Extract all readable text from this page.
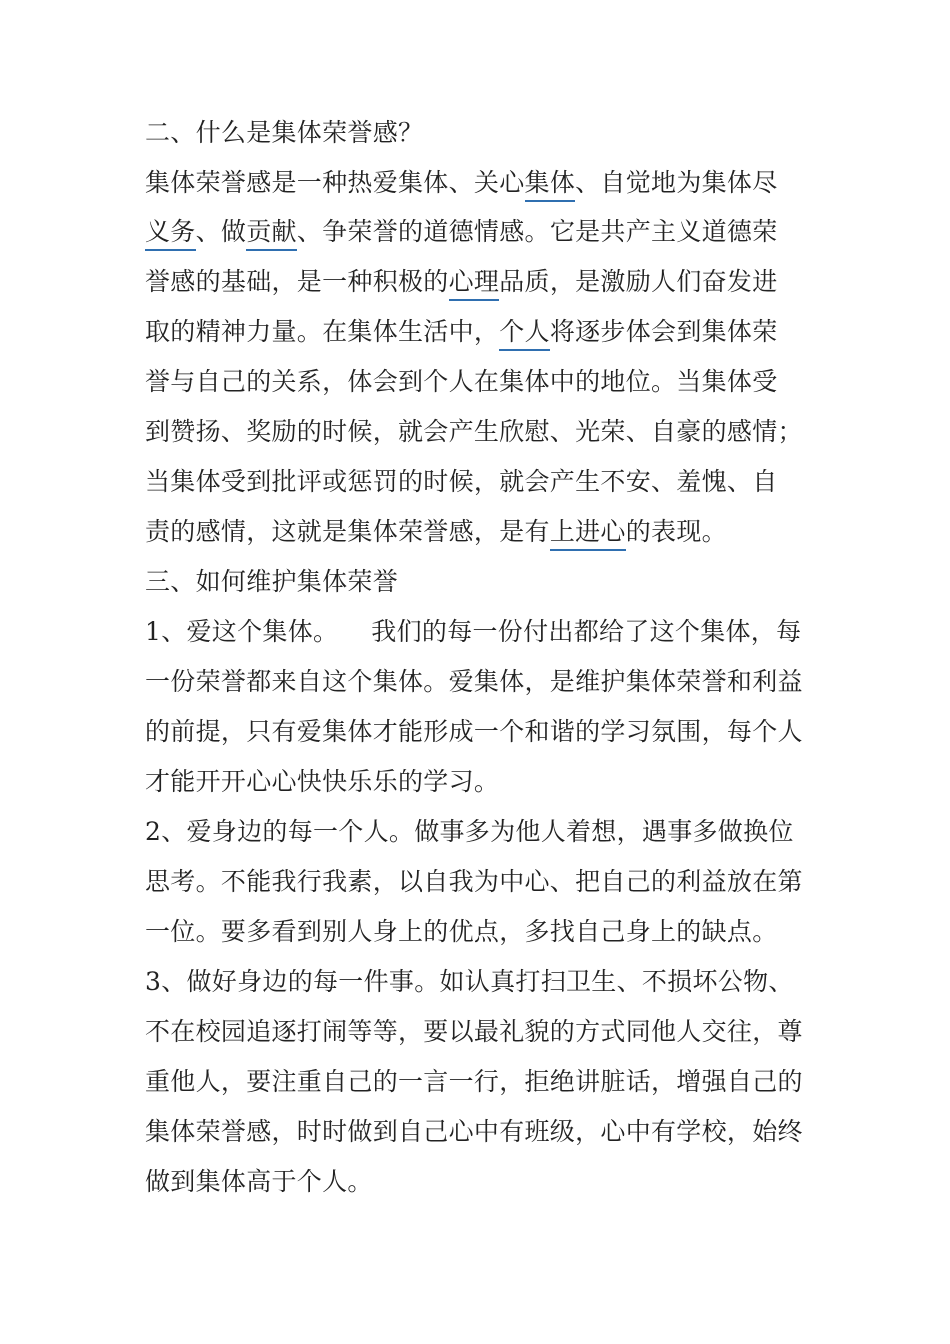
二、什么是集体荣誉感？
集体荣誉感是一种热爱集体、关心集体、自觉地为集体尽
义务、做贡献、争荣誉的道德情感。它是共产主义道德荣
誉感的基础，是一种积极的心理品质，是激励人们奋发进
取的精神力量。在集体生活中，个人将逐步体会到集体荣
誉与自己的关系，体会到个人在集体中的地位。当集体受
到赞扬、奖励的时候，就会产生欣慰、光荣、自豪的感情；
当集体受到批评或惩罚的时候，就会产生不安、羞愧、自
责的感情，这就是集体荣誉感，是有上进心的表现。
三、如何维护集体荣誉
1、爱这个集体。    我们的每一份付出都给了这个集体，每
一份荣誉都来自这个集体。爱集体，是维护集体荣誉和利益
的前提，只有爱集体才能形成一个和谐的学习氛围，每个人
才能开开心心快快乐乐的学习。
2、爱身边的每一个人。做事多为他人着想，遇事多做换位
思考。不能我行我素，以自我为中心、把自己的利益放在第
一位。要多看到别人身上的优点，多找自己身上的缺点。
3、做好身边的每一件事。如认真打扫卫生、不损坏公物、
不在校园追逐打闹等等，要以最礼貌的方式同他人交往，尊
重他人，要注重自己的一言一行，拒绝讲脏话，增强自己的
集体荣誉感，时时做到自己心中有班级，心中有学校，始终
做到集体高于个人。
